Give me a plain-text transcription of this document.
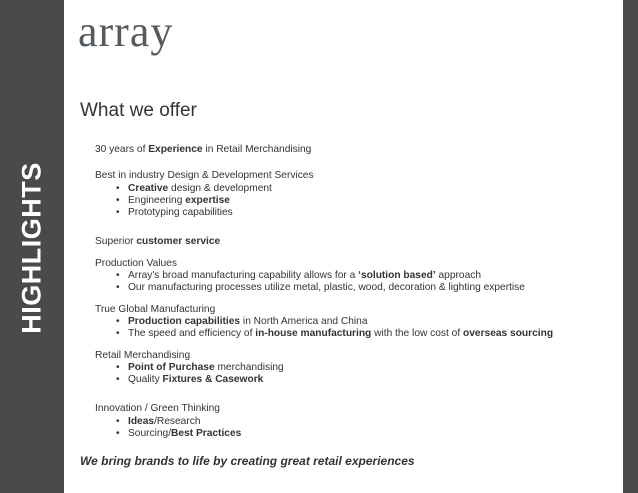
HIGHLIGHTS
array
What we offer
30 years of Experience in Retail Merchandising
Best in industry Design & Development Services
• Creative design & development
• Engineering expertise
• Prototyping capabilities
Superior customer service
Production Values
• Array's broad manufacturing capability allows for a ‘solution based’ approach
• Our manufacturing processes utilize metal, plastic, wood, decoration & lighting expertise
True Global Manufacturing
• Production capabilities in North America and China
• The speed and efficiency of in-house manufacturing with the low cost of overseas sourcing
Retail Merchandising
• Point of Purchase merchandising
• Quality Fixtures & Casework
Innovation / Green Thinking
• Ideas/Research
• Sourcing/Best Practices
We bring brands to life by creating great retail experiences
